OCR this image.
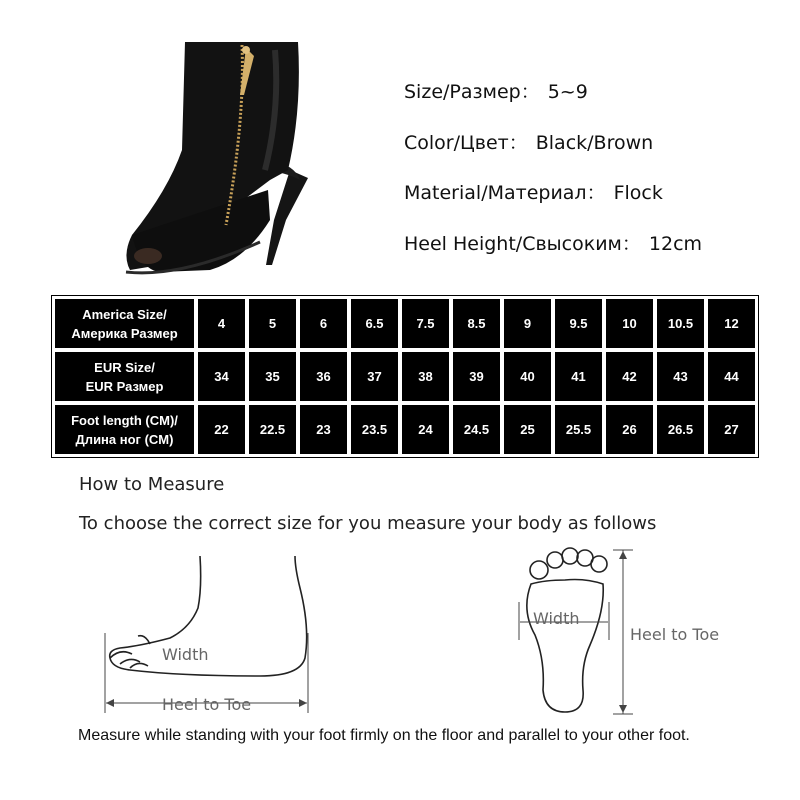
Size/Размер： 5~9
Color/Цвет： Black/Brown
Material/Материал： Flock
Heel Height/Свысоким： 12cm
America Size/
Америка Размер	4	5	6	6.5	7.5	8.5	9	9.5	10	10.5	12

EUR Size/
EUR Размер	34	35	36	37	38	39	40	41	42	43	44

Foot length (CM)/
Длина ног (CM)	22	22.5	23	23.5	24	24.5	25	25.5	26	26.5	27
How to Measure
To choose the correct size for you measure your body as follows
Width
Heel to Toe
Width
Heel to Toe
Measure while standing with your foot firmly on the floor and parallel to your other foot.
